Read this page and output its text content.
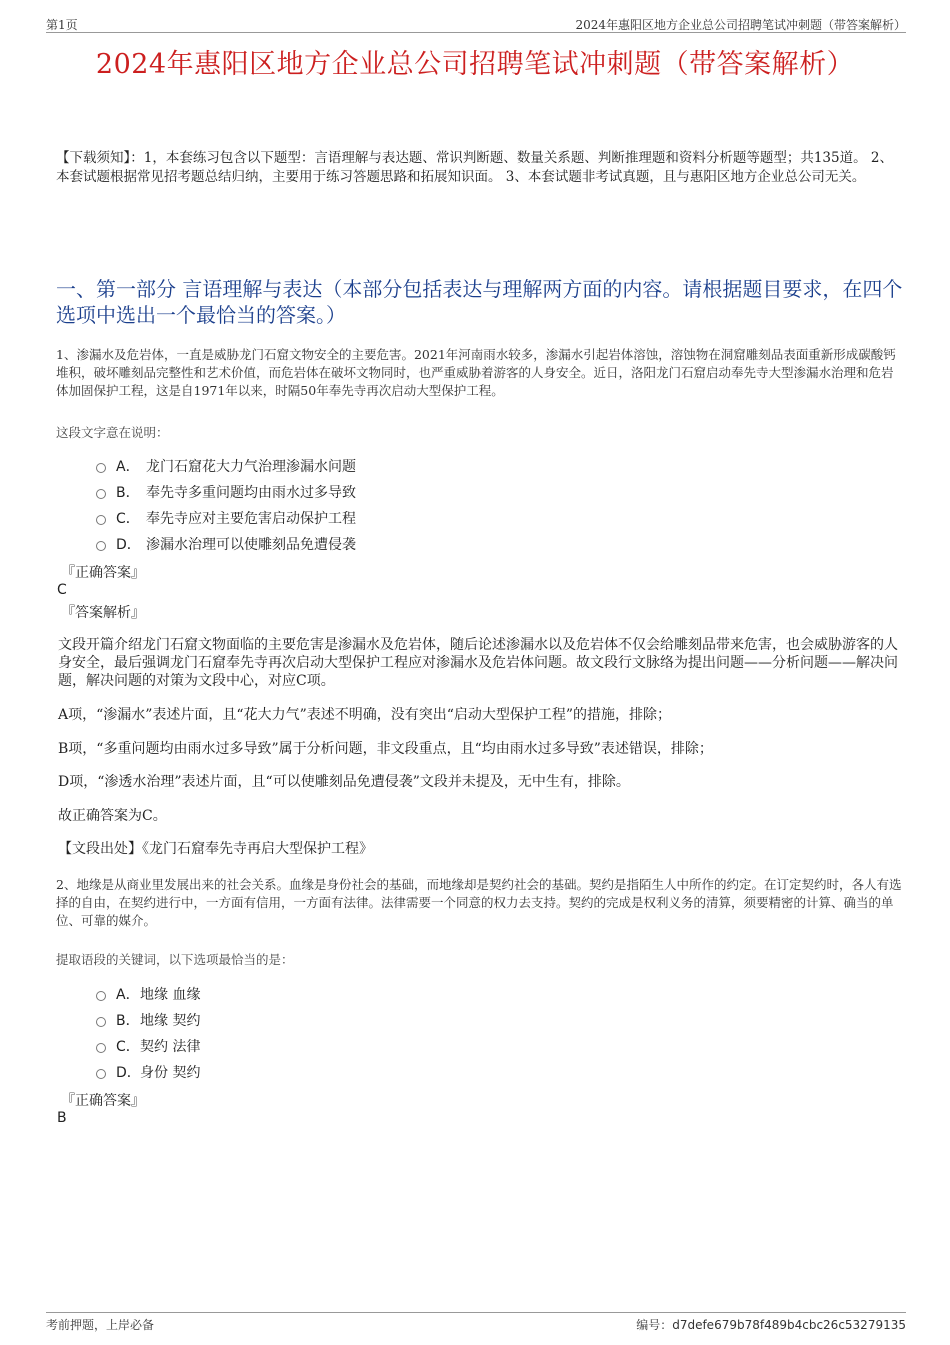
第1页	2024年惠阳区地方企业总公司招聘笔试冲刺题（带答案解析）
2024年惠阳区地方企业总公司招聘笔试冲刺题（带答案解析）
【下载须知】：1，本套练习包含以下题型：言语理解与表达题、常识判断题、数量关系题、判断推理题和资料分析题等题型；共135道。 2、本套试题根据常见招考题总结归纳，主要用于练习答题思路和拓展知识面。 3、本套试题非考试真题，且与惠阳区地方企业总公司无关。
一、第一部分 言语理解与表达（本部分包括表达与理解两方面的内容。请根据题目要求，在四个选项中选出一个最恰当的答案。）
1、渗漏水及危岩体，一直是威胁龙门石窟文物安全的主要危害。2021年河南雨水较多，渗漏水引起岩体溶蚀，溶蚀物在洞窟雕刻品表面重新形成碳酸钙堆积，破坏雕刻品完整性和艺术价值，而危岩体在破坏文物同时，也严重威胁着游客的人身安全。近日，洛阳龙门石窟启动奉先寺大型渗漏水治理和危岩体加固保护工程，这是自1971年以来，时隔50年奉先寺再次启动大型保护工程。
这段文字意在说明：
A． 龙门石窟花大力气治理渗漏水问题
B． 奉先寺多重问题均由雨水过多导致
C． 奉先寺应对主要危害启动保护工程
D． 渗漏水治理可以使雕刻品免遭侵袭
『正确答案』
C
『答案解析』
文段开篇介绍龙门石窟文物面临的主要危害是渗漏水及危岩体，随后论述渗漏水以及危岩体不仅会给雕刻品带来危害，也会威胁游客的人身安全，最后强调龙门石窟奉先寺再次启动大型保护工程应对渗漏水及危岩体问题。故文段行文脉络为提出问题——分析问题——解决问题，解决问题的对策为文段中心，对应C项。
A项，“渗漏水”表述片面，且“花大力气”表述不明确，没有突出“启动大型保护工程”的措施，排除；
B项，“多重问题均由雨水过多导致”属于分析问题，非文段重点，且“均由雨水过多导致”表述错误，排除；
D项，“渗透水治理”表述片面，且“可以使雕刻品免遭侵袭”文段并未提及，无中生有，排除。
故正确答案为C。
【文段出处】《龙门石窟奉先寺再启大型保护工程》
2、地缘是从商业里发展出来的社会关系。血缘是身份社会的基础，而地缘却是契约社会的基础。契约是指陌生人中所作的约定。在订定契约时，各人有选择的自由，在契约进行中，一方面有信用，一方面有法律。法律需要一个同意的权力去支持。契约的完成是权利义务的清算，须要精密的计算、确当的单位、可靠的媒介。
提取语段的关键词，以下选项最恰当的是：
A． 地缘 血缘
B． 地缘 契约
C． 契约 法律
D． 身份 契约
『正确答案』
B
考前押题，上岸必备	编号：d7defe679b78f489b4cbc26c53279135
